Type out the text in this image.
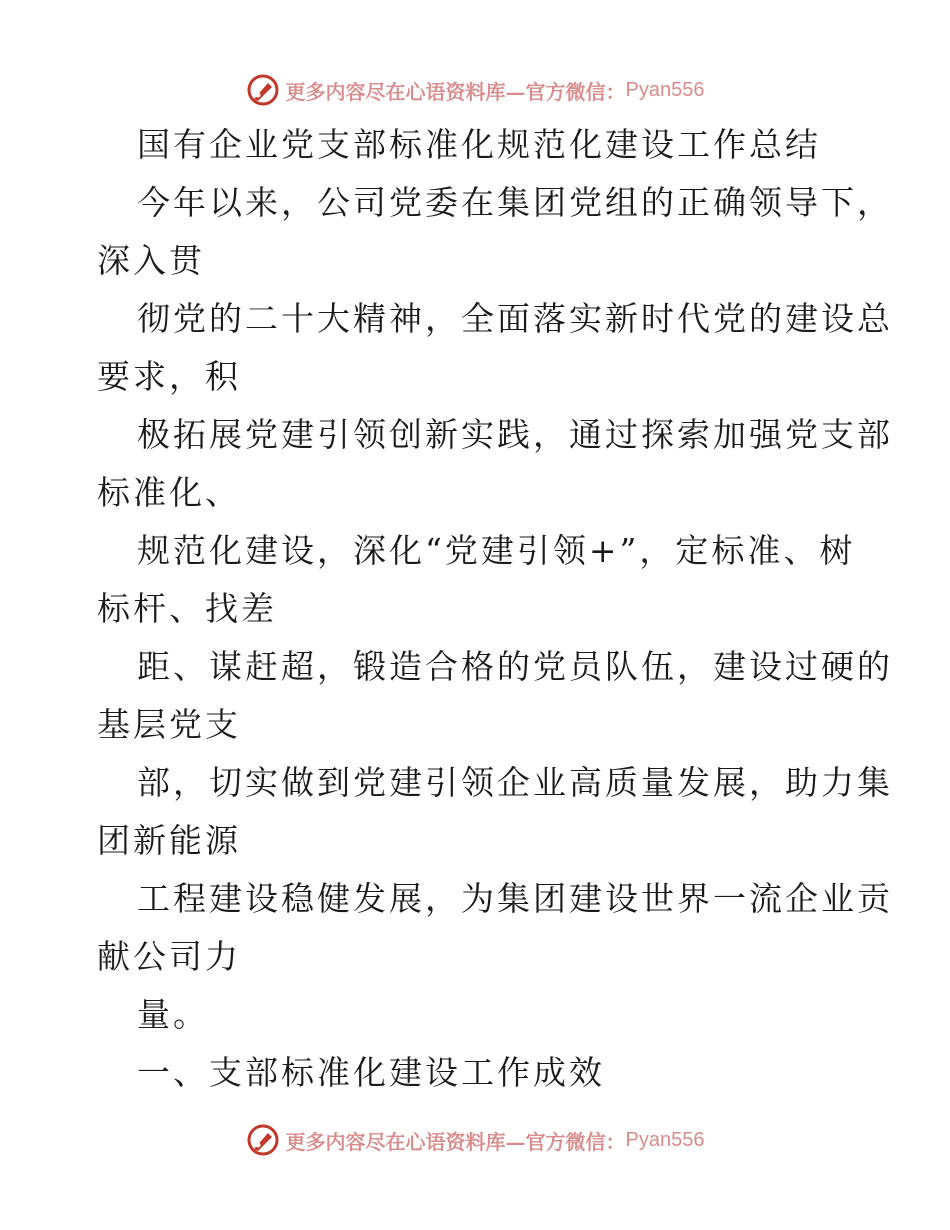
更多内容尽在心语资料库—官方微信： Pyan556
国有企业党支部标准化规范化建设工作总结
今年以来，公司党委在集团党组的正确领导下，
深入贯
彻党的二十大精神，全面落实新时代党的建设总
要求，积
极拓展党建引领创新实践，通过探索加强党支部
标准化、
规范化建设，深化“党建引领+”，定标准、树
标杆、找差
距、谋赶超，锻造合格的党员队伍，建设过硬的
基层党支
部，切实做到党建引领企业高质量发展，助力集
团新能源
工程建设稳健发展，为集团建设世界一流企业贡
献公司力
量。
一、支部标准化建设工作成效
更多内容尽在心语资料库—官方微信： Pyan556
